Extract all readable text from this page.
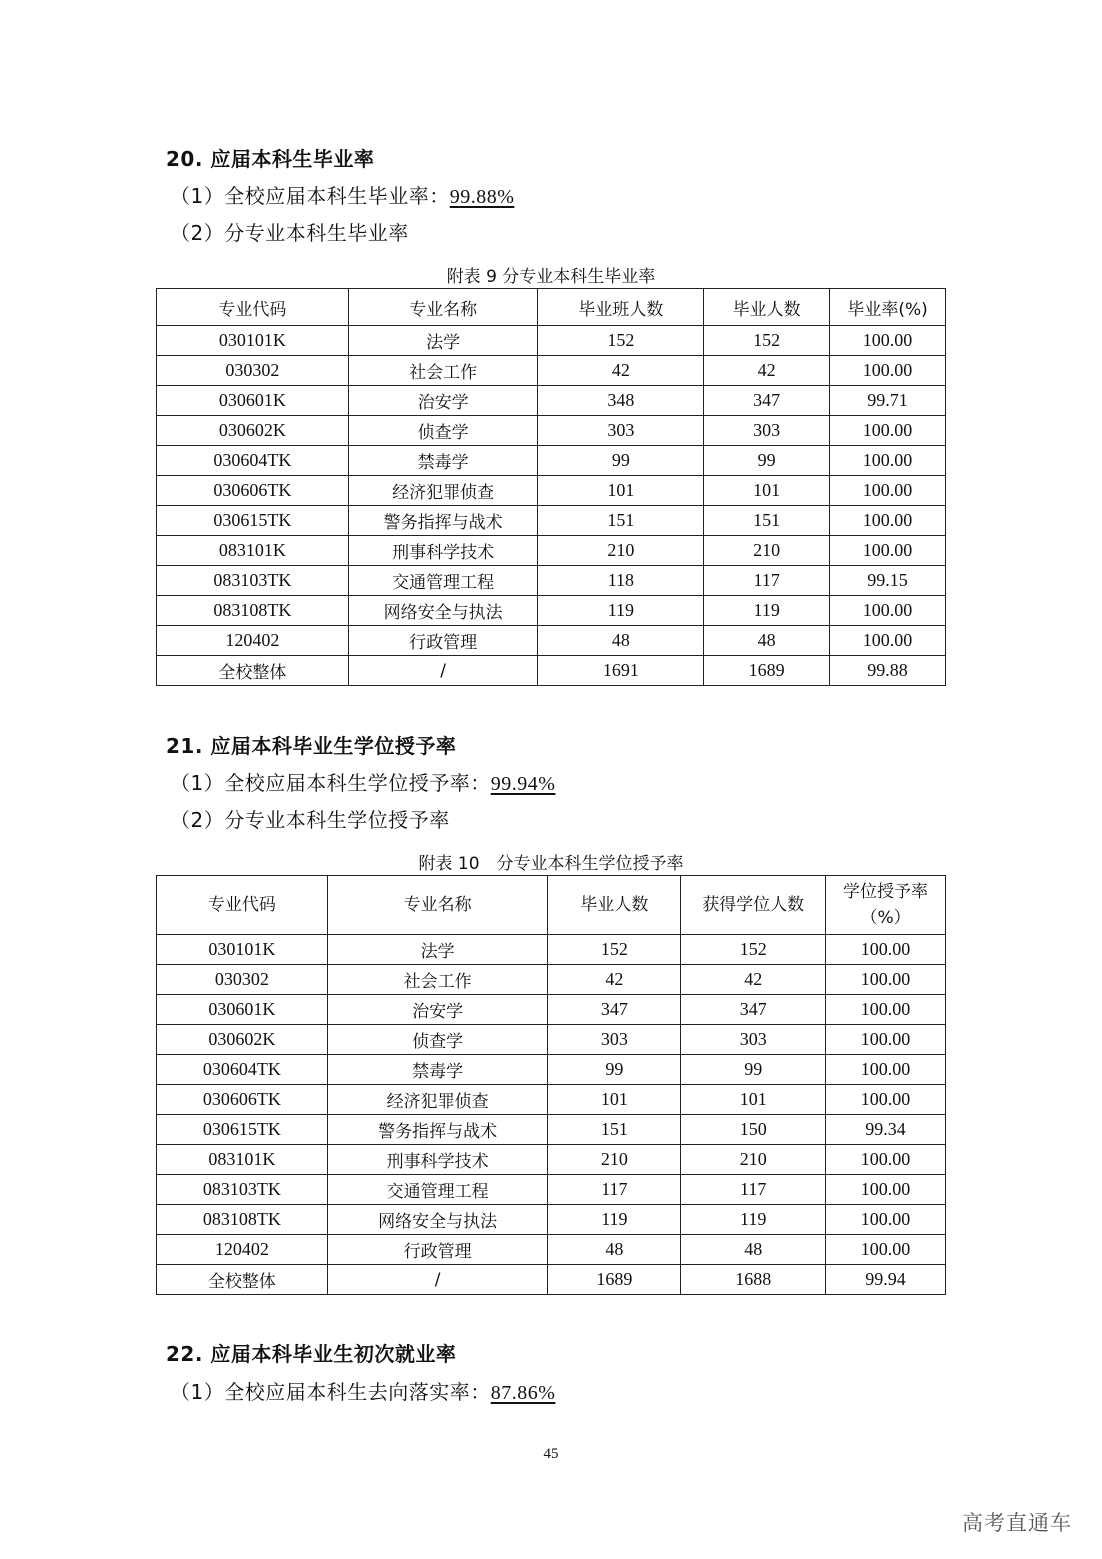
20. 应届本科生毕业率
（1）全校应届本科生毕业率：99.88%
（2）分专业本科生毕业率
附表 9 分专业本科生毕业率
专业代码	专业名称	毕业班人数	毕业人数	毕业率(%)
030101K	法学	152	152	100.00
030302	社会工作	42	42	100.00
030601K	治安学	348	347	99.71
030602K	侦查学	303	303	100.00
030604TK	禁毒学	99	99	100.00
030606TK	经济犯罪侦查	101	101	100.00
030615TK	警务指挥与战术	151	151	100.00
083101K	刑事科学技术	210	210	100.00
083103TK	交通管理工程	118	117	99.15
083108TK	网络安全与执法	119	119	100.00
120402	行政管理	48	48	100.00
全校整体	/	1691	1689	99.88
21. 应届本科毕业生学位授予率
（1）全校应届本科生学位授予率：99.94%
（2）分专业本科生学位授予率
附表 10　分专业本科生学位授予率
专业代码	专业名称	毕业人数	获得学位人数	学位授予率
（%）
030101K	法学	152	152	100.00
030302	社会工作	42	42	100.00
030601K	治安学	347	347	100.00
030602K	侦查学	303	303	100.00
030604TK	禁毒学	99	99	100.00
030606TK	经济犯罪侦查	101	101	100.00
030615TK	警务指挥与战术	151	150	99.34
083101K	刑事科学技术	210	210	100.00
083103TK	交通管理工程	117	117	100.00
083108TK	网络安全与执法	119	119	100.00
120402	行政管理	48	48	100.00
全校整体	/	1689	1688	99.94
22. 应届本科毕业生初次就业率
（1）全校应届本科生去向落实率：87.86%
45
高考直通车
